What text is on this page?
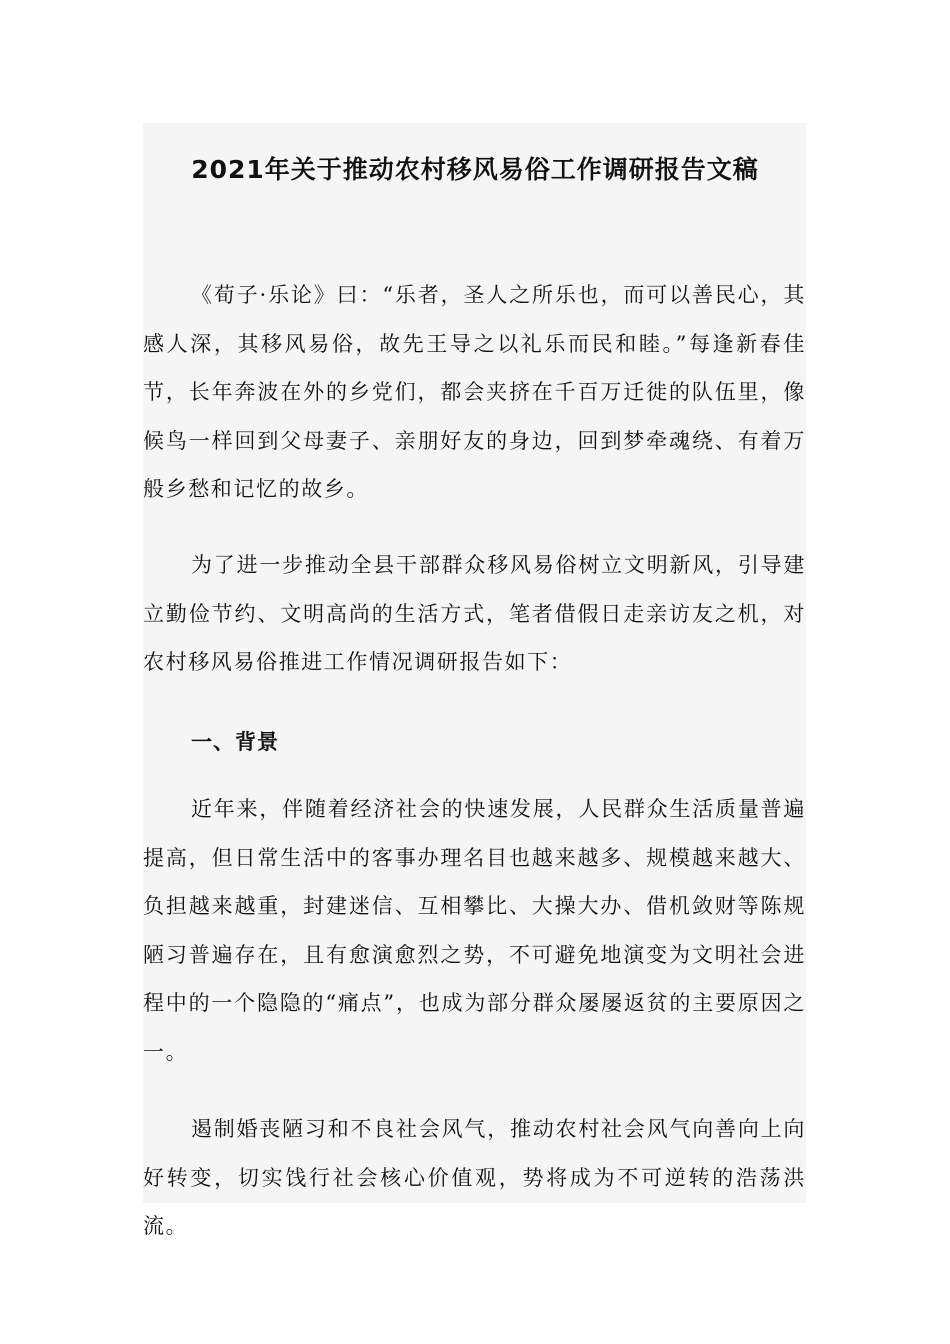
2021年关于推动农村移风易俗工作调研报告文稿

《荀子·乐论》曰：“乐者，圣人之所乐也，而可以善民心，其感人深，其移风易俗，故先王导之以礼乐而民和睦。”每逢新春佳节，长年奔波在外的乡党们，都会夹挤在千百万迁徙的队伍里，像候鸟一样回到父母妻子、亲朋好友的身边，回到梦牵魂绕、有着万般乡愁和记忆的故乡。

为了进一步推动全县干部群众移风易俗树立文明新风，引导建立勤俭节约、文明高尚的生活方式，笔者借假日走亲访友之机，对农村移风易俗推进工作情况调研报告如下：

一、背景

近年来，伴随着经济社会的快速发展，人民群众生活质量普遍提高，但日常生活中的客事办理名目也越来越多、规模越来越大、负担越来越重，封建迷信、互相攀比、大操大办、借机敛财等陈规陋习普遍存在，且有愈演愈烈之势，不可避免地演变为文明社会进程中的一个隐隐的“痛点”，也成为部分群众屡屡返贫的主要原因之一。

遏制婚丧陋习和不良社会风气，推动农村社会风气向善向上向好转变，切实饯行社会核心价值观，势将成为不可逆转的浩荡洪流。
